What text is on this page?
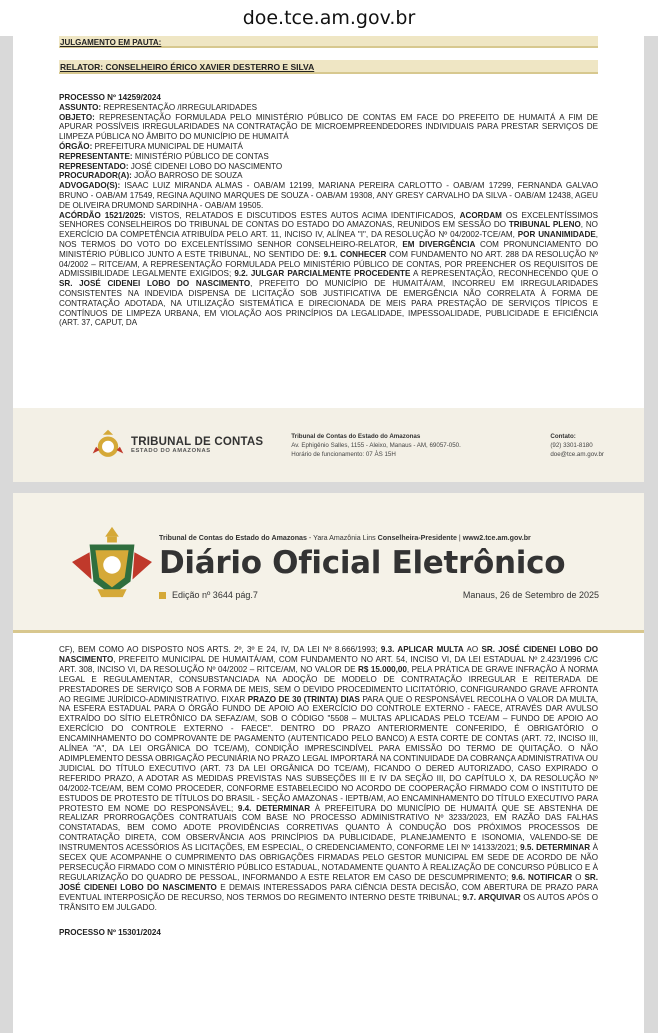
doe.tce.am.gov.br
JULGAMENTO EM PAUTA:
RELATOR: CONSELHEIRO ÉRICO XAVIER DESTERRO E SILVA
PROCESSO Nº 14259/2024
ASSUNTO: REPRESENTAÇÃO /IRREGULARIDADES
OBJETO: REPRESENTAÇÃO FORMULADA PELO MINISTÉRIO PÚBLICO DE CONTAS EM FACE DO PREFEITO DE HUMAITÁ A FIM DE APURAR POSSÍVEIS IRREGULARIDADES NA CONTRATAÇÃO DE MICROEMPREENDEDORES INDIVIDUAIS PARA PRESTAR SERVIÇOS DE LIMPEZA PÚBLICA NO ÂMBITO DO MUNICÍPIO DE HUMAITÁ
ÓRGÃO: PREFEITURA MUNICIPAL DE HUMAITÁ
REPRESENTANTE: MINISTÉRIO PÚBLICO DE CONTAS
REPRESENTADO: JOSÉ CIDENEI LOBO DO NASCIMENTO
PROCURADOR(A): JOÃO BARROSO DE SOUZA
ADVOGADO(S): ISAAC LUIZ MIRANDA ALMAS - OAB/AM 12199, MARIANA PEREIRA CARLOTTO - OAB/AM 17299, FERNANDA GALVAO BRUNO - OAB/AM 17549, REGINA AQUINO MARQUES DE SOUZA - OAB/AM 19308, ANY GRESY CARVALHO DA SILVA - OAB/AM 12438, AGEU DE OLIVEIRA DRUMOND SARDINHA - OAB/AM 19505.
ACÓRDÃO 1521/2025: VISTOS, RELATADOS E DISCUTIDOS ESTES AUTOS ACIMA IDENTIFICADOS, ACORDAM OS EXCELENTÍSSIMOS SENHORES CONSELHEIROS DO TRIBUNAL DE CONTAS DO ESTADO DO AMAZONAS, REUNIDOS EM SESSÃO DO TRIBUNAL PLENO, NO EXERCÍCIO DA COMPETÊNCIA ATRIBUÍDA PELO ART. 11, INCISO IV, ALÍNEA "I", DA RESOLUÇÃO Nº 04/2002-TCE/AM, POR UNANIMIDADE, NOS TERMOS DO VOTO DO EXCELENTÍSSIMO SENHOR CONSELHEIRO-RELATOR, EM DIVERGÊNCIA COM PRONUNCIAMENTO DO MINISTÉRIO PÚBLICO JUNTO A ESTE TRIBUNAL, NO SENTIDO DE: 9.1. CONHECER COM FUNDAMENTO NO ART. 288 DA RESOLUÇÃO Nº 04/2002 – RITCE/AM, A REPRESENTAÇÃO FORMULADA PELO MINISTÉRIO PÚBLICO DE CONTAS, POR PREENCHER OS REQUISITOS DE ADMISSIBILIDADE LEGALMENTE EXIGIDOS; 9.2. JULGAR PARCIALMENTE PROCEDENTE A REPRESENTAÇÃO, RECONHECENDO QUE O SR. JOSÉ CIDENEI LOBO DO NASCIMENTO, PREFEITO DO MUNICÍPIO DE HUMAITÁ/AM, INCORREU EM IRREGULARIDADES CONSISTENTES NA INDEVIDA DISPENSA DE LICITAÇÃO SOB JUSTIFICATIVA DE EMERGÊNCIA NÃO CORRELATA À FORMA DE CONTRATAÇÃO ADOTADA, NA UTILIZAÇÃO SISTEMÁTICA E DIRECIONADA DE MEIS PARA PRESTAÇÃO DE SERVIÇOS TÍPICOS E CONTÍNUOS DE LIMPEZA URBANA, EM VIOLAÇÃO AOS PRINCÍPIOS DA LEGALIDADE, IMPESSOALIDADE, PUBLICIDADE E EFICIÊNCIA (ART. 37, CAPUT, DA
TRIBUNAL DE CONTAS
ESTADO DO AMAZONAS
Tribunal de Contas do Estado do Amazonas
Av. Ephigênio Salles, 1155 - Aleixo, Manaus - AM, 69057-050.
Horário de funcionamento: 07 ÀS 15H
Contato:
(92) 3301-8180
doe@tce.am.gov.br
Tribunal de Contas do Estado do Amazonas - Yara Amazônia Lins Conselheira-Presidente | www2.tce.am.gov.br
Diário Oficial Eletrônico
Edição nº 3644 pág.7	Manaus, 26 de Setembro de 2025

CF), BEM COMO AO DISPOSTO NOS ARTS. 2º, 3º E 24, IV, DA LEI Nº 8.666/1993; 9.3. APLICAR MULTA AO SR. JOSÉ CIDENEI LOBO DO NASCIMENTO, PREFEITO MUNICIPAL DE HUMAITÁ/AM, COM FUNDAMENTO NO ART. 54, INCISO VI, DA LEI ESTADUAL Nº 2.423/1996 C/C ART. 308, INCISO VI, DA RESOLUÇÃO Nº 04/2002 – RITCE/AM, NO VALOR DE R$ 15.000,00, PELA PRÁTICA DE GRAVE INFRAÇÃO À NORMA LEGAL E REGULAMENTAR, CONSUBSTANCIADA NA ADOÇÃO DE MODELO DE CONTRATAÇÃO IRREGULAR E REITERADA DE PRESTADORES DE SERVIÇO SOB A FORMA DE MEIS, SEM O DEVIDO PROCEDIMENTO LICITATÓRIO, CONFIGURANDO GRAVE AFRONTA AO REGIME JURÍDICO-ADMINISTRATIVO. FIXAR PRAZO DE 30 (TRINTA) DIAS PARA QUE O RESPONSÁVEL RECOLHA O VALOR DA MULTA, NA ESFERA ESTADUAL PARA O ÓRGÃO FUNDO DE APOIO AO EXERCÍCIO DO CONTROLE EXTERNO - FAECE, ATRAVÉS DAR AVULSO EXTRAÍDO DO SÍTIO ELETRÔNICO DA SEFAZ/AM, SOB O CÓDIGO "5508 – MULTAS APLICADAS PELO TCE/AM – FUNDO DE APOIO AO EXERCÍCIO DO CONTROLE EXTERNO - FAECE". DENTRO DO PRAZO ANTERIORMENTE CONFERIDO, É OBRIGATÓRIO O ENCAMINHAMENTO DO COMPROVANTE DE PAGAMENTO (AUTENTICADO PELO BANCO) A ESTA CORTE DE CONTAS (ART. 72, INCISO III, ALÍNEA "A", DA LEI ORGÂNICA DO TCE/AM), CONDIÇÃO IMPRESCINDÍVEL PARA EMISSÃO DO TERMO DE QUITAÇÃO. O NÃO ADIMPLEMENTO DESSA OBRIGAÇÃO PECUNIÁRIA NO PRAZO LEGAL IMPORTARÁ NA CONTINUIDADE DA COBRANÇA ADMINISTRATIVA OU JUDICIAL DO TÍTULO EXECUTIVO (ART. 73 DA LEI ORGÂNICA DO TCE/AM), FICANDO O DERED AUTORIZADO, CASO EXPIRADO O REFERIDO PRAZO, A ADOTAR AS MEDIDAS PREVISTAS NAS SUBSEÇÕES III E IV DA SEÇÃO III, DO CAPÍTULO X, DA RESOLUÇÃO Nº 04/2002-TCE/AM, BEM COMO PROCEDER, CONFORME ESTABELECIDO NO ACORDO DE COOPERAÇÃO FIRMADO COM O INSTITUTO DE ESTUDOS DE PROTESTO DE TÍTULOS DO BRASIL - SEÇÃO AMAZONAS - IEPTB/AM, AO ENCAMINHAMENTO DO TÍTULO EXECUTIVO PARA PROTESTO EM NOME DO RESPONSÁVEL; 9.4. DETERMINAR À PREFEITURA DO MUNICÍPIO DE HUMAITÁ QUE SE ABSTENHA DE REALIZAR PRORROGAÇÕES CONTRATUAIS COM BASE NO PROCESSO ADMINISTRATIVO Nº 3233/2023, EM RAZÃO DAS FALHAS CONSTATADAS, BEM COMO ADOTE PROVIDÊNCIAS CORRETIVAS QUANTO À CONDUÇÃO DOS PRÓXIMOS PROCESSOS DE CONTRATAÇÃO DIRETA, COM OBSERVÂNCIA AOS PRINCÍPIOS DA PUBLICIDADE, PLANEJAMENTO E ISONOMIA, VALENDO-SE DE INSTRUMENTOS ACESSÓRIOS ÀS LICITAÇÕES, EM ESPECIAL, O CREDENCIAMENTO, CONFORME LEI Nº 14133/2021; 9.5. DETERMINAR À SECEX QUE ACOMPANHE O CUMPRIMENTO DAS OBRIGAÇÕES FIRMADAS PELO GESTOR MUNICIPAL EM SEDE DE ACORDO DE NÃO PERSECUÇÃO FIRMADO COM O MINISTÉRIO PÚBLICO ESTADUAL, NOTADAMENTE QUANTO À REALIZAÇÃO DE CONCURSO PÚBLICO E À REGULARIZAÇÃO DO QUADRO DE PESSOAL, INFORMANDO A ESTE RELATOR EM CASO DE DESCUMPRIMENTO; 9.6. NOTIFICAR O SR. JOSÉ CIDENEI LOBO DO NASCIMENTO E DEMAIS INTERESSADOS PARA CIÊNCIA DESTA DECISÃO, COM ABERTURA DE PRAZO PARA EVENTUAL INTERPOSIÇÃO DE RECURSO, NOS TERMOS DO REGIMENTO INTERNO DESTE TRIBUNAL; 9.7. ARQUIVAR OS AUTOS APÓS O TRÂNSITO EM JULGADO.

PROCESSO Nº 15301/2024
